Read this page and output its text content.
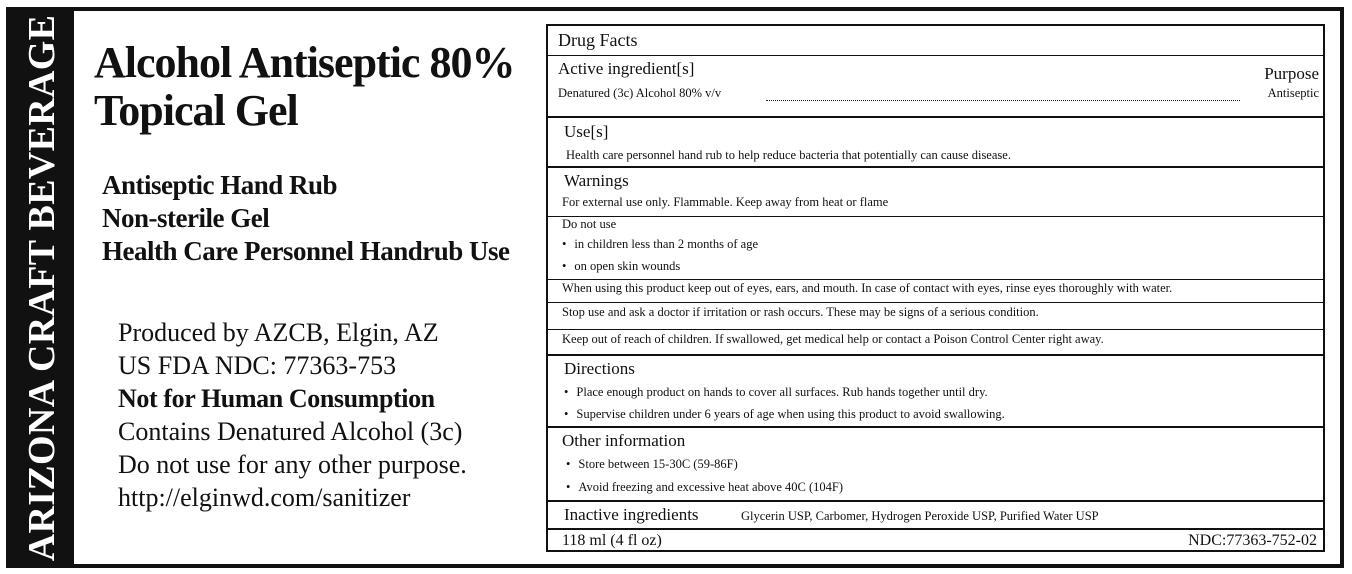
ARIZONA CRAFT BEVERAGE Alcohol Antiseptic 80%
Topical Gel
Antiseptic Hand Rub
Non-sterile Gel
Health Care Personnel Handrub Use
Produced by AZCB, Elgin, AZ
US FDA NDC: 77363-753
Not for Human Consumption
Contains Denatured Alcohol (3c)
Do not use for any other purpose.
http://elginwd.com/sanitizer
Drug Facts
Active ingredient[s]	Purpose
Denatured (3c) Alcohol 80% v/v	Antiseptic
Use[s]
Health care personnel hand rub to help reduce bacteria that potentially can cause disease.
Warnings
For external use only. Flammable. Keep away from heat or flame
Do not use
• in children less than 2 months of age
• on open skin wounds
When using this product keep out of eyes, ears, and mouth. In case of contact with eyes, rinse eyes thoroughly with water.
Stop use and ask a doctor if irritation or rash occurs. These may be signs of a serious condition.
Keep out of reach of children. If swallowed, get medical help or contact a Poison Control Center right away.
Directions
• Place enough product on hands to cover all surfaces. Rub hands together until dry.
• Supervise children under 6 years of age when using this product to avoid swallowing.
Other information
• Store between 15-30C (59-86F)
• Avoid freezing and excessive heat above 40C (104F)
Inactive ingredients	Glycerin USP, Carbomer, Hydrogen Peroxide USP, Purified Water USP
118 ml (4 fl oz)	NDC:77363-752-02
